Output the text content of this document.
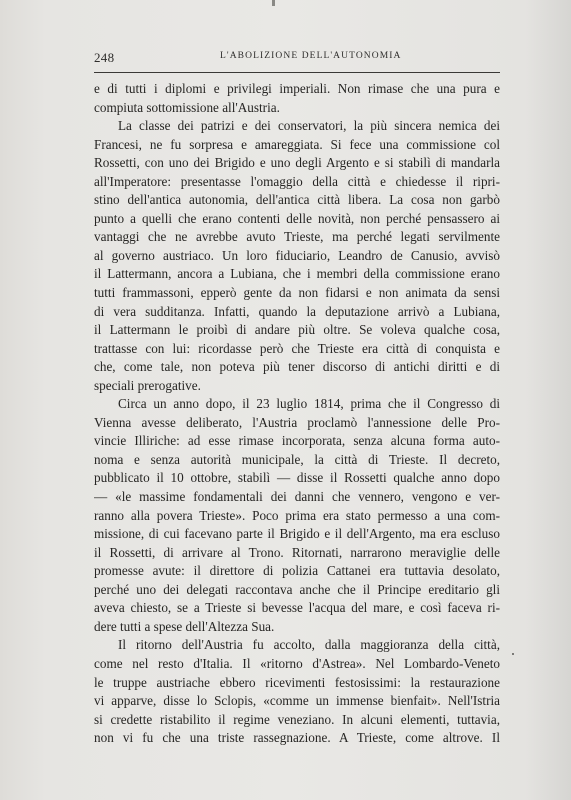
248	L'ABOLIZIONE DELL'AUTONOMIA
e di tutti i diplomi e privilegi imperiali. Non rimase che una pura e
compiuta sottomissione all'Austria.
La classe dei patrizi e dei conservatori, la più sincera nemica dei
Francesi, ne fu sorpresa e amareggiata. Si fece una commissione col
Rossetti, con uno dei Brigido e uno degli Argento e si stabilì di mandarla
all'Imperatore: presentasse l'omaggio della città e chiedesse il ripri-
stino dell'antica autonomia, dell'antica città libera. La cosa non garbò
punto a quelli che erano contenti delle novità, non perché pensassero ai
vantaggi che ne avrebbe avuto Trieste, ma perché legati servilmente
al governo austriaco. Un loro fiduciario, Leandro de Canusio, avvisò
il Lattermann, ancora a Lubiana, che i membri della commissione erano
tutti frammassoni, epperò gente da non fidarsi e non animata da sensi
di vera sudditanza. Infatti, quando la deputazione arrivò a Lubiana,
il Lattermann le proibì di andare più oltre. Se voleva qualche cosa,
trattasse con lui: ricordasse però che Trieste era città di conquista e
che, come tale, non poteva più tener discorso di antichi diritti e di
speciali prerogative.
Circa un anno dopo, il 23 luglio 1814, prima che il Congresso di
Vienna avesse deliberato, l'Austria proclamò l'annessione delle Pro-
vincie Illiriche: ad esse rimase incorporata, senza alcuna forma auto-
noma e senza autorità municipale, la città di Trieste. Il decreto,
pubblicato il 10 ottobre, stabilì — disse il Rossetti qualche anno dopo
— «le massime fondamentali dei danni che vennero, vengono e ver-
ranno alla povera Trieste». Poco prima era stato permesso a una com-
missione, di cui facevano parte il Brigido e il dell'Argento, ma era escluso
il Rossetti, di arrivare al Trono. Ritornati, narrarono meraviglie delle
promesse avute: il direttore di polizia Cattanei era tuttavia desolato,
perché uno dei delegati raccontava anche che il Principe ereditario gli
aveva chiesto, se a Trieste si bevesse l'acqua del mare, e così faceva ri-
dere tutti a spese dell'Altezza Sua.
Il ritorno dell'Austria fu accolto, dalla maggioranza della città,
come nel resto d'Italia. Il «ritorno d'Astrea». Nel Lombardo-Veneto
le truppe austriache ebbero ricevimenti festosissimi: la restaurazione
vi apparve, disse lo Sclopis, «comme un immense bienfait». Nell'Istria
si credette ristabilito il regime veneziano. In alcuni elementi, tuttavia,
non vi fu che una triste rassegnazione. A Trieste, come altrove. Il
